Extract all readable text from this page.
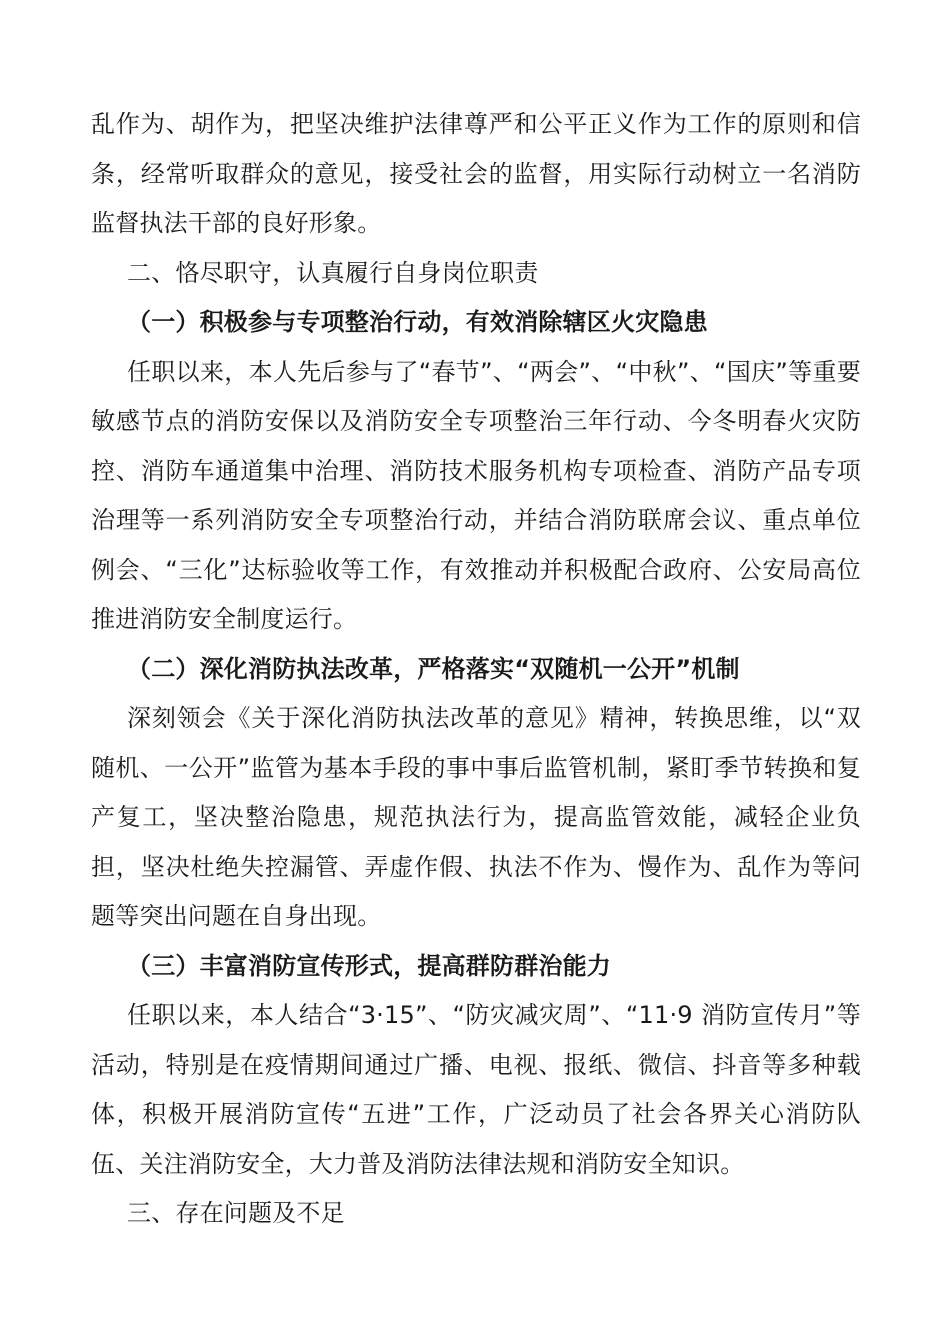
乱作为、胡作为，把坚决维护法律尊严和公平正义作为工作的原则和信条，经常听取群众的意见，接受社会的监督，用实际行动树立一名消防监督执法干部的良好形象。

二、恪尽职守，认真履行自身岗位职责

（一）积极参与专项整治行动，有效消除辖区火灾隐患

任职以来，本人先后参与了“春节”、“两会”、“中秋”、“国庆”等重要敏感节点的消防安保以及消防安全专项整治三年行动、今冬明春火灾防控、消防车通道集中治理、消防技术服务机构专项检查、消防产品专项治理等一系列消防安全专项整治行动，并结合消防联席会议、重点单位例会、“三化”达标验收等工作，有效推动并积极配合政府、公安局高位推进消防安全制度运行。

（二）深化消防执法改革，严格落实“双随机一公开”机制

深刻领会《关于深化消防执法改革的意见》精神，转换思维，以“双随机、一公开”监管为基本手段的事中事后监管机制，紧盯季节转换和复产复工，坚决整治隐患，规范执法行为，提高监管效能，减轻企业负担，坚决杜绝失控漏管、弄虚作假、执法不作为、慢作为、乱作为等问题等突出问题在自身出现。

（三）丰富消防宣传形式，提高群防群治能力

任职以来，本人结合“3·15”、“防灾减灾周”、“11·9 消防宣传月”等活动，特别是在疫情期间通过广播、电视、报纸、微信、抖音等多种载体，积极开展消防宣传“五进”工作，广泛动员了社会各界关心消防队伍、关注消防安全，大力普及消防法律法规和消防安全知识。

三、存在问题及不足
